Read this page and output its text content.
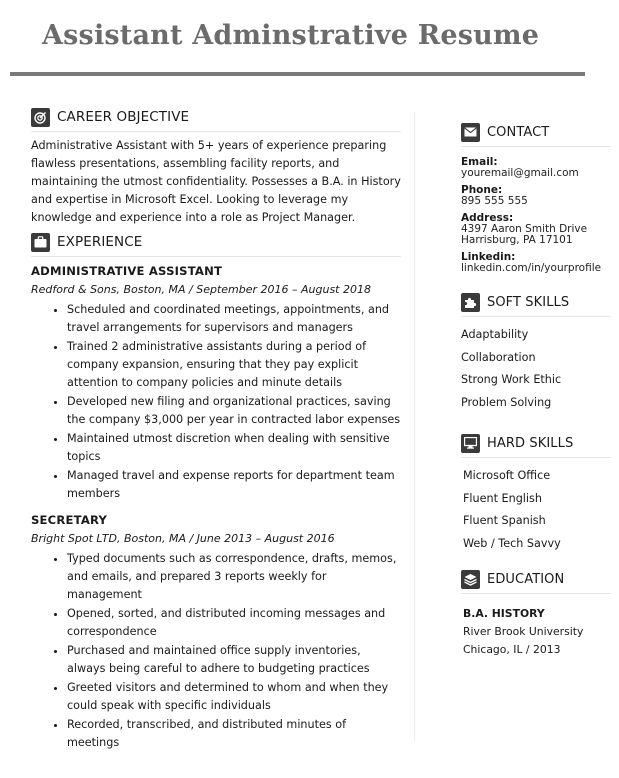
Assistant Adminstrative Resume
CAREER OBJECTIVE
Administrative Assistant with 5+ years of experience preparing flawless presentations, assembling facility reports, and maintaining the utmost confidentiality. Possesses a B.A. in History and expertise in Microsoft Excel. Looking to leverage my knowledge and experience into a role as Project Manager.
EXPERIENCE
ADMINISTRATIVE ASSISTANT
Redford & Sons, Boston, MA / September 2016 – August 2018
• Scheduled and coordinated meetings, appointments, and travel arrangements for supervisors and managers
• Trained 2 administrative assistants during a period of company expansion, ensuring that they pay explicit attention to company policies and minute details
• Developed new filing and organizational practices, saving the company $3,000 per year in contracted labor expenses
• Maintained utmost discretion when dealing with sensitive topics
• Managed travel and expense reports for department team members
SECRETARY
Bright Spot LTD, Boston, MA / June 2013 – August 2016
• Typed documents such as correspondence, drafts, memos, and emails, and prepared 3 reports weekly for management
• Opened, sorted, and distributed incoming messages and correspondence
• Purchased and maintained office supply inventories, always being careful to adhere to budgeting practices
• Greeted visitors and determined to whom and when they could speak with specific individuals
• Recorded, transcribed, and distributed minutes of meetings
CONTACT
Email:
youremail@gmail.com
Phone:
895 555 555
Address:
4397 Aaron Smith Drive
Harrisburg, PA 17101
Linkedin:
linkedin.com/in/yourprofile
SOFT SKILLS
Adaptability
Collaboration
Strong Work Ethic
Problem Solving
HARD SKILLS
Microsoft Office
Fluent English
Fluent Spanish
Web / Tech Savvy
EDUCATION
B.A. HISTORY
River Brook University
Chicago, IL / 2013
